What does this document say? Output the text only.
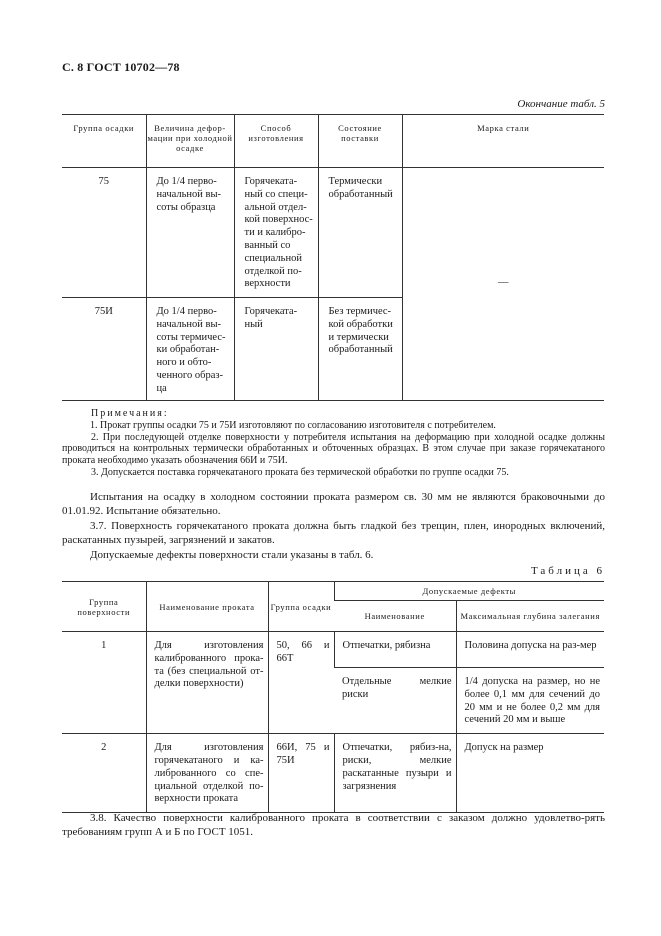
С. 8 ГОСТ 10702—78
Окончание табл. 5
Группа осадки	Величина дефор-мации при холодной осадке	Способ изготовления	Состояние поставки	Марка стали
75	До 1/4 перво-начальной вы-соты образца	Горячеката-ный со специ-альной отдел-кой поверхнос-ти и калибро-ванный со специальной отделкой по-верхности	Термически обработанный	—
75И	До 1/4 перво-начальной вы-соты термичес-ки обработан-ного и обто-ченного образ-ца	Горячеката-ный	Без термичес-кой обработки и термически обработанный	

Примечания:

1. Прокат группы осадки 75 и 75И изготовляют по согласованию изготовителя с потребителем.

2. При последующей отделке поверхности у потребителя испытания на деформацию при холодной осадке должны проводиться на контрольных термически обработанных и обточенных образцах. В этом случае при заказе горячекатаного проката необходимо указать обозначения 66И и 75И.

3. Допускается поставка горячекатаного проката без термической обработки по группе осадки 75.

Испытания на осадку в холодном состоянии проката размером св. 30 мм не являются браковочными до 01.01.92. Испытание обязательно.

3.7. Поверхность горячекатаного проката должна быть гладкой без трещин, плен, инородных включений, раскатанных пузырей, загрязнений и закатов.

Допускаемые дефекты поверхности стали указаны в табл. 6.

Таблица 6
Группа поверхности	Наименование проката	Группа осадки	Допускаемые дефекты	
			Наименование	Максимальная глубина залегания
1	Для изготовления калиброванного прока-та (без специальной от-делки поверхности)	50, 66 и 66Т	Отпечатки, рябизна	Половина допуска на раз-мер
			Отдельные мелкие риски	1/4 допуска на размер, но не более 0,1 мм для сечений до 20 мм и не более 0,2 мм для сечений 20 мм и выше
2	Для изготовления горячекатаного и ка-либрованного со спе-циальной отделкой по-верхности проката	66И, 75 и 75И	Отпечатки, рябиз-на, риски, мелкие раскатанные пузыри и загрязнения	Допуск на размер

3.8. Качество поверхности калиброванного проката в соответствии с заказом должно удовлетво-рять требованиям групп А и Б по ГОСТ 1051.
